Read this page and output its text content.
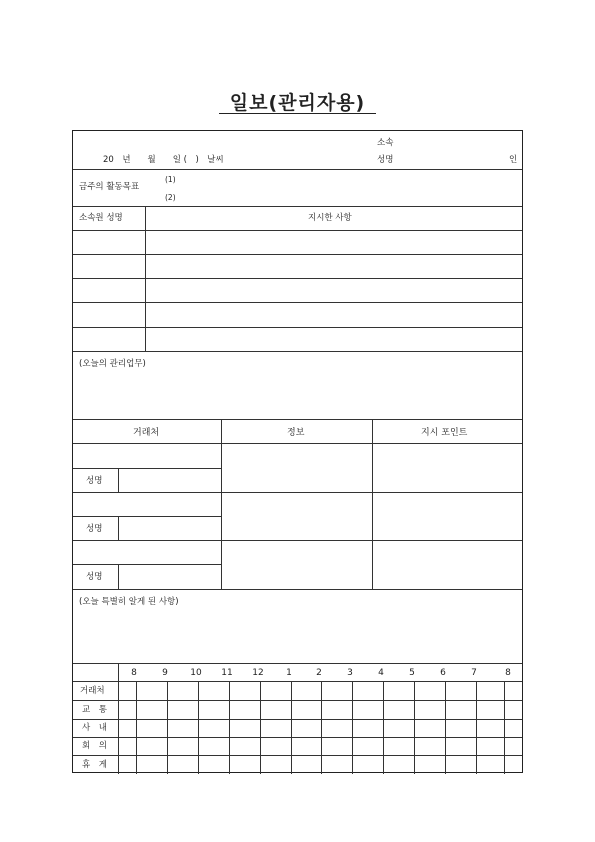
일보(관리자용)
20　년　　월　　일 (　)　날씨
소속
성명	인
금주의 활동목표
(1)
(2)
소속원 성명	지시한 사항
(오늘의 관리업무)
거래처	정보	지시 포인트
성명
성명
성명
(오늘 특별히 알게 된 사항)
8	9	10	11	12	1	2	3	4	5	6	7	8
거래처
교　통
사　내
회　의
휴　게
